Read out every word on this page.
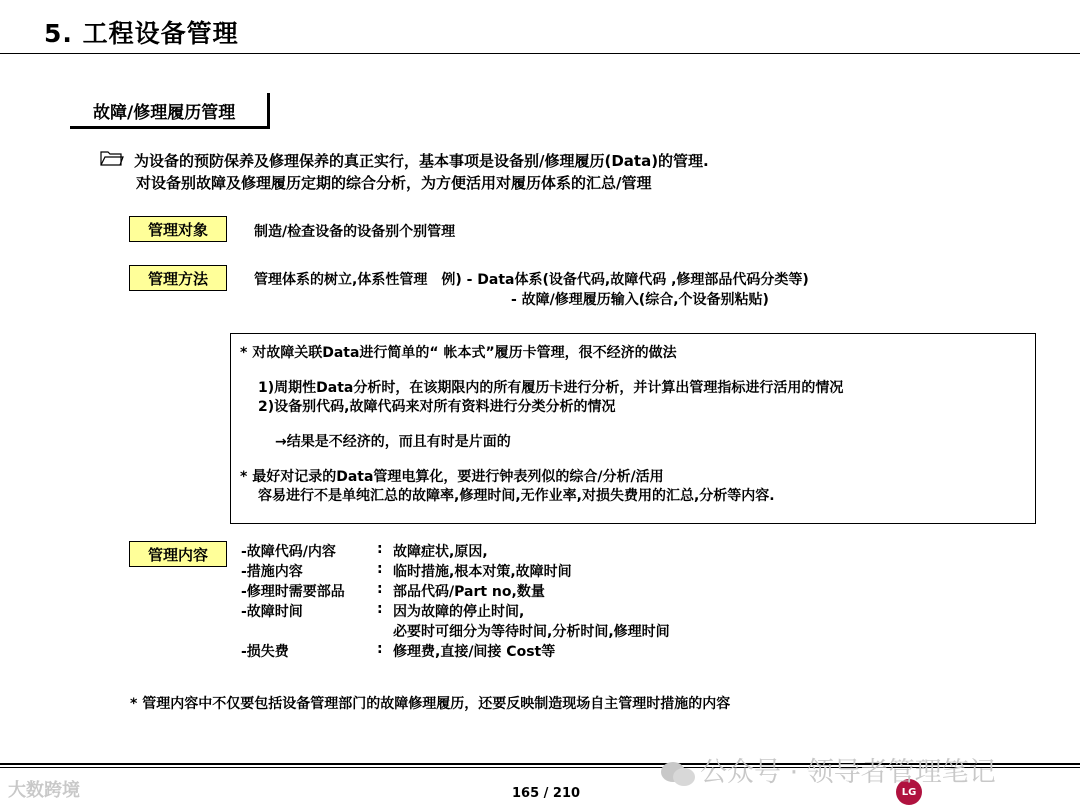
5. 工程设备管理
故障/修理履历管理
为设备的预防保养及修理保养的真正实行，基本事项是设备别/修理履历(Data)的管理.
对设备别故障及修理履历定期的综合分析，为方便活用对履历体系的汇总/管理
管理对象	制造/检查设备的设备别个别管理
管理方法	管理体系的树立,体系性管理　例) - Data体系(设备代码,故障代码 ,修理部品代码分类等)
- 故障/修理履历输入(综合,个设备别粘贴)
* 对故障关联Data进行简单的“ 帐本式”履历卡管理，很不经济的做法
1)周期性Data分析时，在该期限内的所有履历卡进行分析，并计算出管理指标进行活用的情况
2)设备别代码,故障代码来对所有资料进行分类分析的情况
→结果是不经济的，而且有时是片面的
* 最好对记录的Data管理电算化，要进行钟表列似的综合/分析/活用
容易进行不是单纯汇总的故障率,修理时间,无作业率,对损失费用的汇总,分析等内容.
管理内容	-故障代码/内容	: 故障症状,原因,
-措施内容	: 临时措施,根本对策,故障时间
-修理时需要部品 : 部品代码/Part no,数量
-故障时间	: 因为故障的停止时间,
必要时可细分为等待时间,分析时间,修理时间
-损失费	: 修理费,直接/间接 Cost等
* 管理内容中不仅要包括设备管理部门的故障修理履历，还要反映制造现场自主管理时措施的内容
大数跨境	165 / 210	LG
公众号 · 领导者管理笔记
